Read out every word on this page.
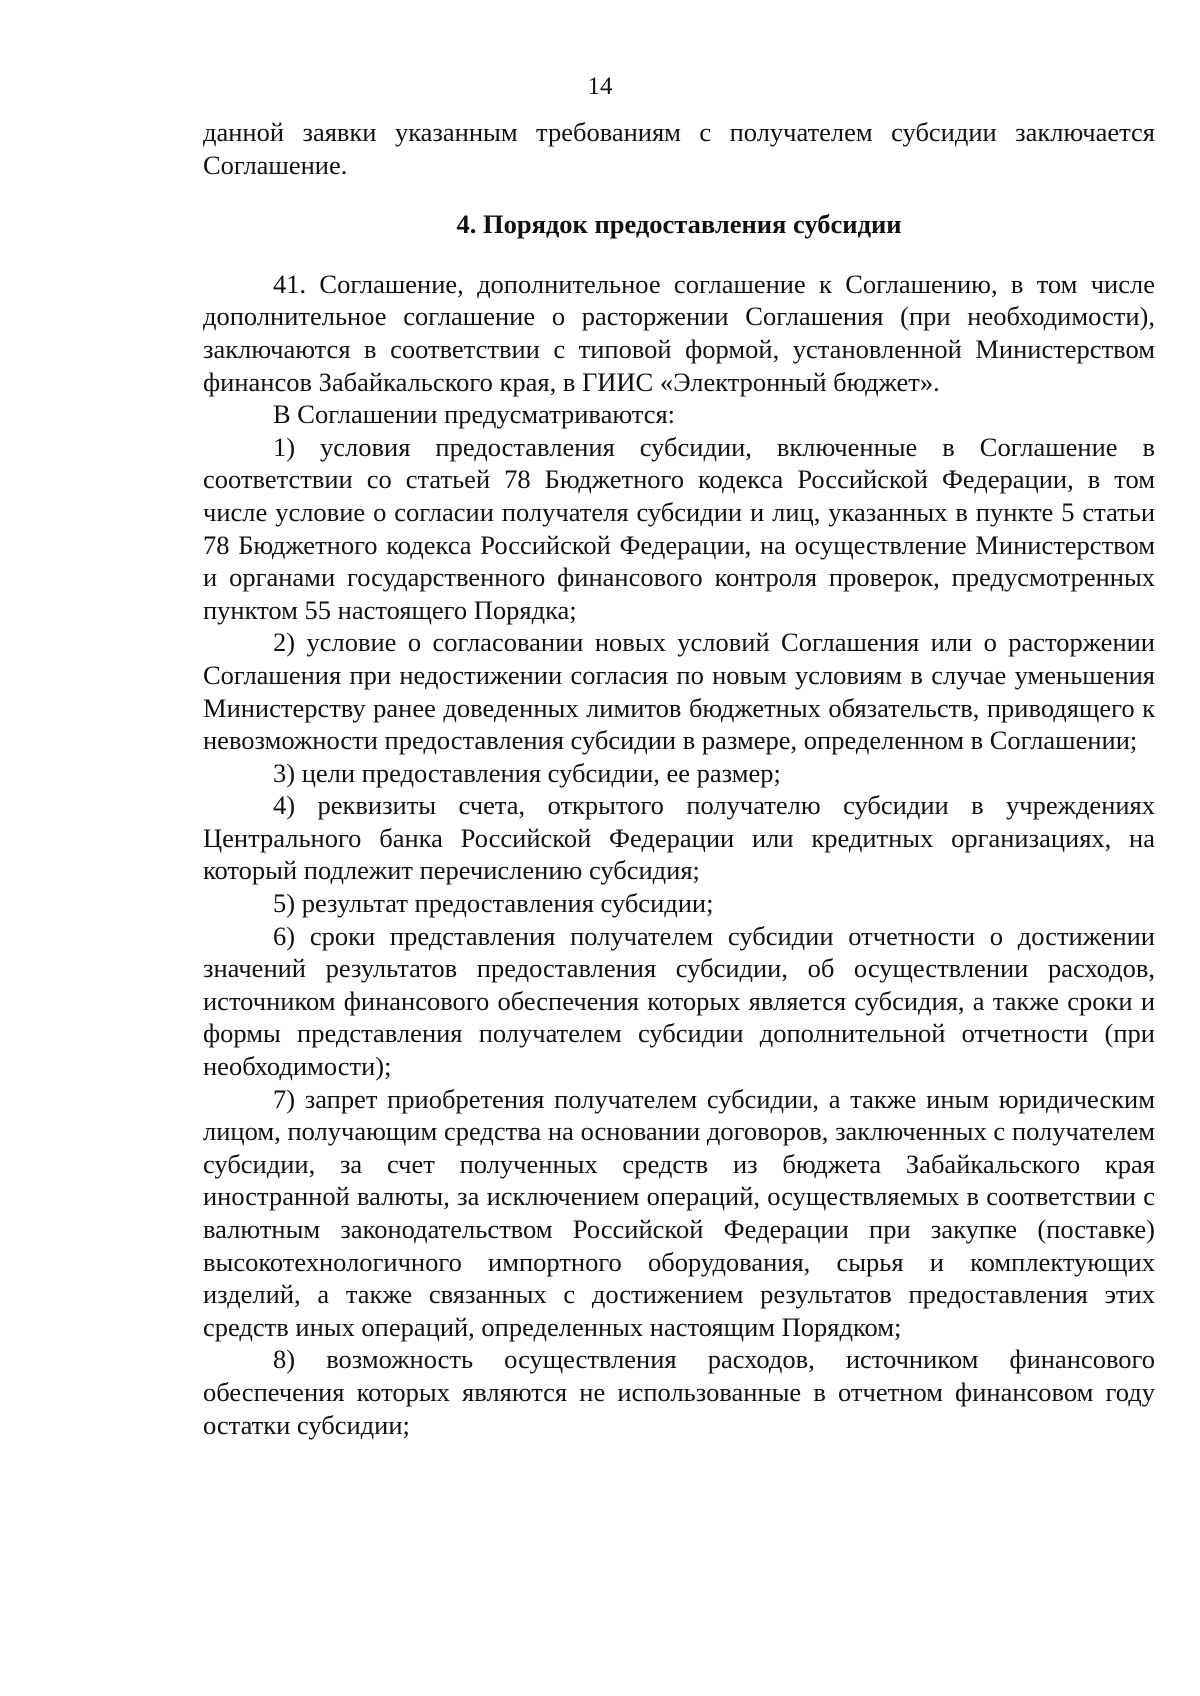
14

данной заявки указанным требованиям с получателем субсидии заключается Соглашение.

4. Порядок предоставления субсидии

41. Соглашение, дополнительное соглашение к Соглашению, в том числе дополнительное соглашение о расторжении Соглашения (при необходимости), заключаются в соответствии с типовой формой, установленной Министерством финансов Забайкальского края, в ГИИС «Электронный бюджет».

В Соглашении предусматриваются:

1) условия предоставления субсидии, включенные в Соглашение в соответствии со статьей 78 Бюджетного кодекса Российской Федерации, в том числе условие о согласии получателя субсидии и лиц, указанных в пункте 5 статьи 78 Бюджетного кодекса Российской Федерации, на осуществление Министерством и органами государственного финансового контроля проверок, предусмотренных пунктом 55 настоящего Порядка;

2) условие о согласовании новых условий Соглашения или о расторжении Соглашения при недостижении согласия по новым условиям в случае уменьшения Министерству ранее доведенных лимитов бюджетных обязательств, приводящего к невозможности предоставления субсидии в размере, определенном в Соглашении;

3) цели предоставления субсидии, ее размер;

4) реквизиты счета, открытого получателю субсидии в учреждениях Центрального банка Российской Федерации или кредитных организациях, на который подлежит перечислению субсидия;

5) результат предоставления субсидии;

6) сроки представления получателем субсидии отчетности о достижении значений результатов предоставления субсидии, об осуществлении расходов, источником финансового обеспечения которых является субсидия, а также сроки и формы представления получателем субсидии дополнительной отчетности (при необходимости);

7) запрет приобретения получателем субсидии, а также иным юридическим лицом, получающим средства на основании договоров, заключенных с получателем субсидии, за счет полученных средств из бюджета Забайкальского края иностранной валюты, за исключением операций, осуществляемых в соответствии с валютным законодательством Российской Федерации при закупке (поставке) высокотехнологичного импортного оборудования, сырья и комплектующих изделий, а также связанных с достижением результатов предоставления этих средств иных операций, определенных настоящим Порядком;

8) возможность осуществления расходов, источником финансового обеспечения которых являются не использованные в отчетном финансовом году остатки субсидии;
